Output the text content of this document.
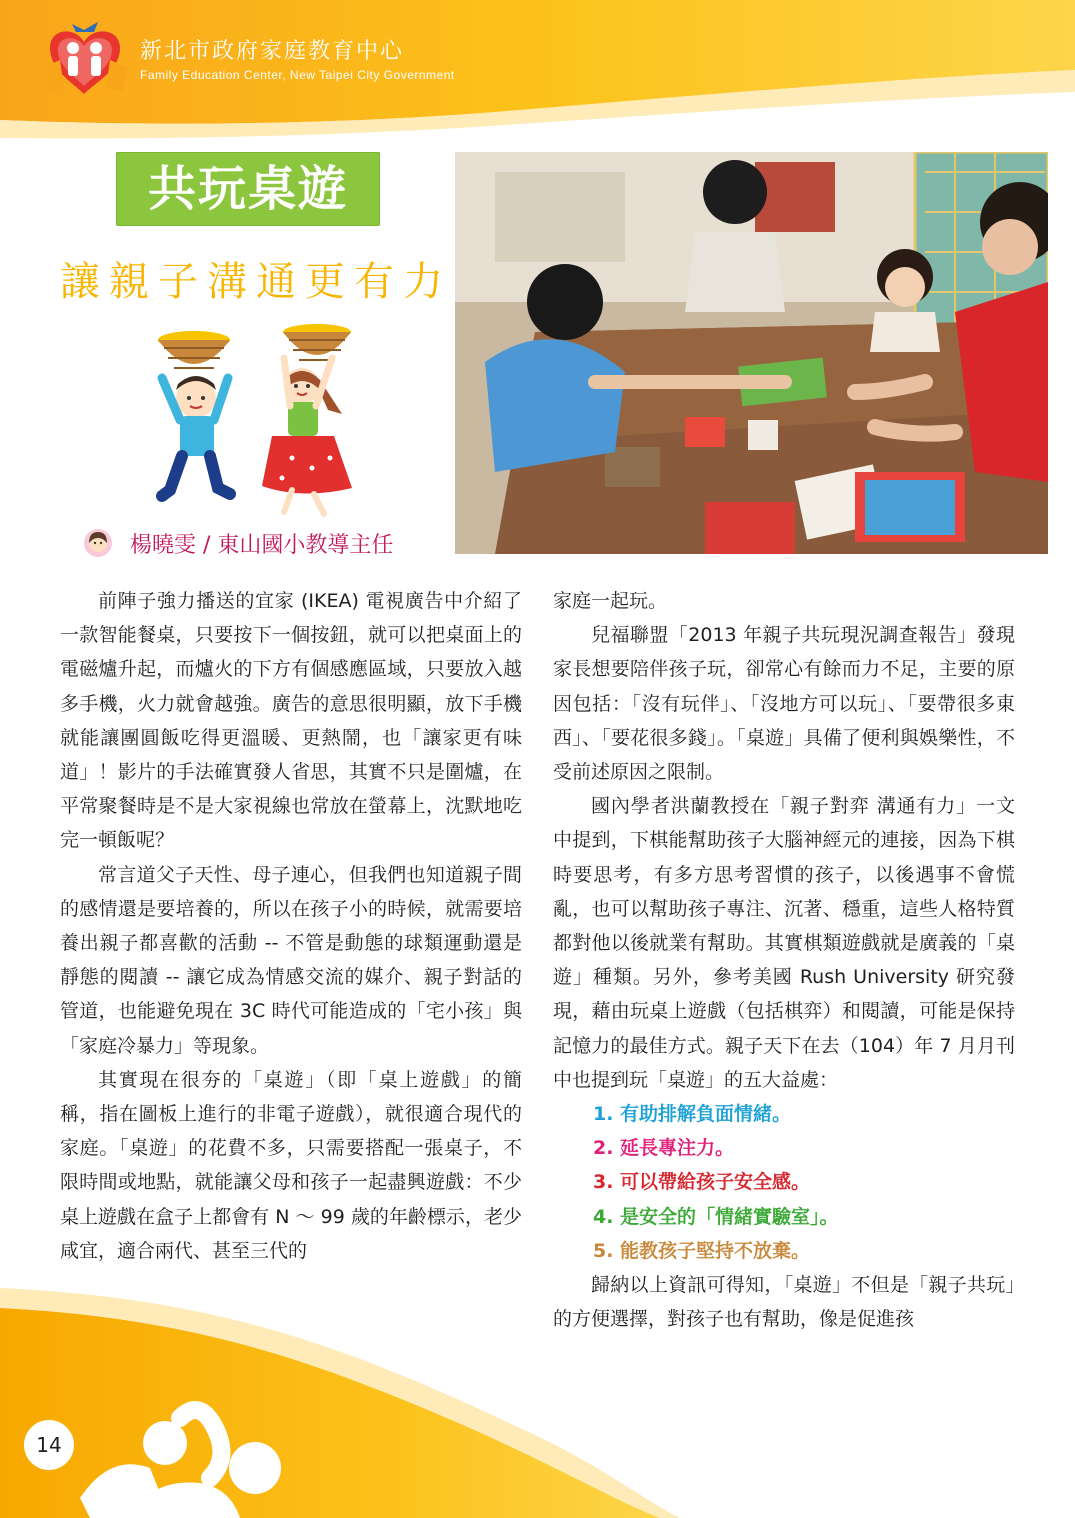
新北市政府家庭教育中心
Family Education Center, New Taipei City Government
共玩桌遊
讓親子溝通更有力
楊曉雯 / 東山國小教導主任

前陣子強力播送的宜家 (IKEA) 電視廣告中介紹了一款智能餐桌，只要按下一個按鈕，就可以把桌面上的電磁爐升起，而爐火的下方有個感應區域，只要放入越多手機，火力就會越強。廣告的意思很明顯，放下手機就能讓團圓飯吃得更溫暖、更熱鬧，也「讓家更有味道」！影片的手法確實發人省思，其實不只是圍爐，在平常聚餐時是不是大家視線也常放在螢幕上，沈默地吃完一頓飯呢？

常言道父子天性、母子連心，但我們也知道親子間的感情還是要培養的，所以在孩子小的時候，就需要培養出親子都喜歡的活動 -- 不管是動態的球類運動還是靜態的閱讀 -- 讓它成為情感交流的媒介、親子對話的管道，也能避免現在 3C 時代可能造成的「宅小孩」與「家庭冷暴力」等現象。

其實現在很夯的「桌遊」（即「桌上遊戲」的簡稱，指在圖板上進行的非電子遊戲），就很適合現代的家庭。「桌遊」的花費不多，只需要搭配一張桌子，不限時間或地點，就能讓父母和孩子一起盡興遊戲：不少桌上遊戲在盒子上都會有 N ～ 99 歲的年齡標示，老少咸宜，適合兩代、甚至三代的

家庭一起玩。

兒福聯盟「2013 年親子共玩現況調查報告」發現家長想要陪伴孩子玩，卻常心有餘而力不足，主要的原因包括：「沒有玩伴」、「沒地方可以玩」、「要帶很多東西」、「要花很多錢」。「桌遊」具備了便利與娛樂性，不受前述原因之限制。

國內學者洪蘭教授在「親子對弈 溝通有力」一文中提到，下棋能幫助孩子大腦神經元的連接，因為下棋時要思考，有多方思考習慣的孩子，以後遇事不會慌亂，也可以幫助孩子專注、沉著、穩重，這些人格特質都對他以後就業有幫助。其實棋類遊戲就是廣義的「桌遊」種類。另外，參考美國 Rush University 研究發現，藉由玩桌上遊戲（包括棋弈）和閱讀，可能是保持記憶力的最佳方式。親子天下在去（104）年 7 月月刊中也提到玩「桌遊」的五大益處：

1. 有助排解負面情緒。

2. 延長專注力。

3. 可以帶給孩子安全感。

4. 是安全的「情緒實驗室」。

5. 能教孩子堅持不放棄。

歸納以上資訊可得知，「桌遊」不但是「親子共玩」的方便選擇，對孩子也有幫助，像是促進孩

14
